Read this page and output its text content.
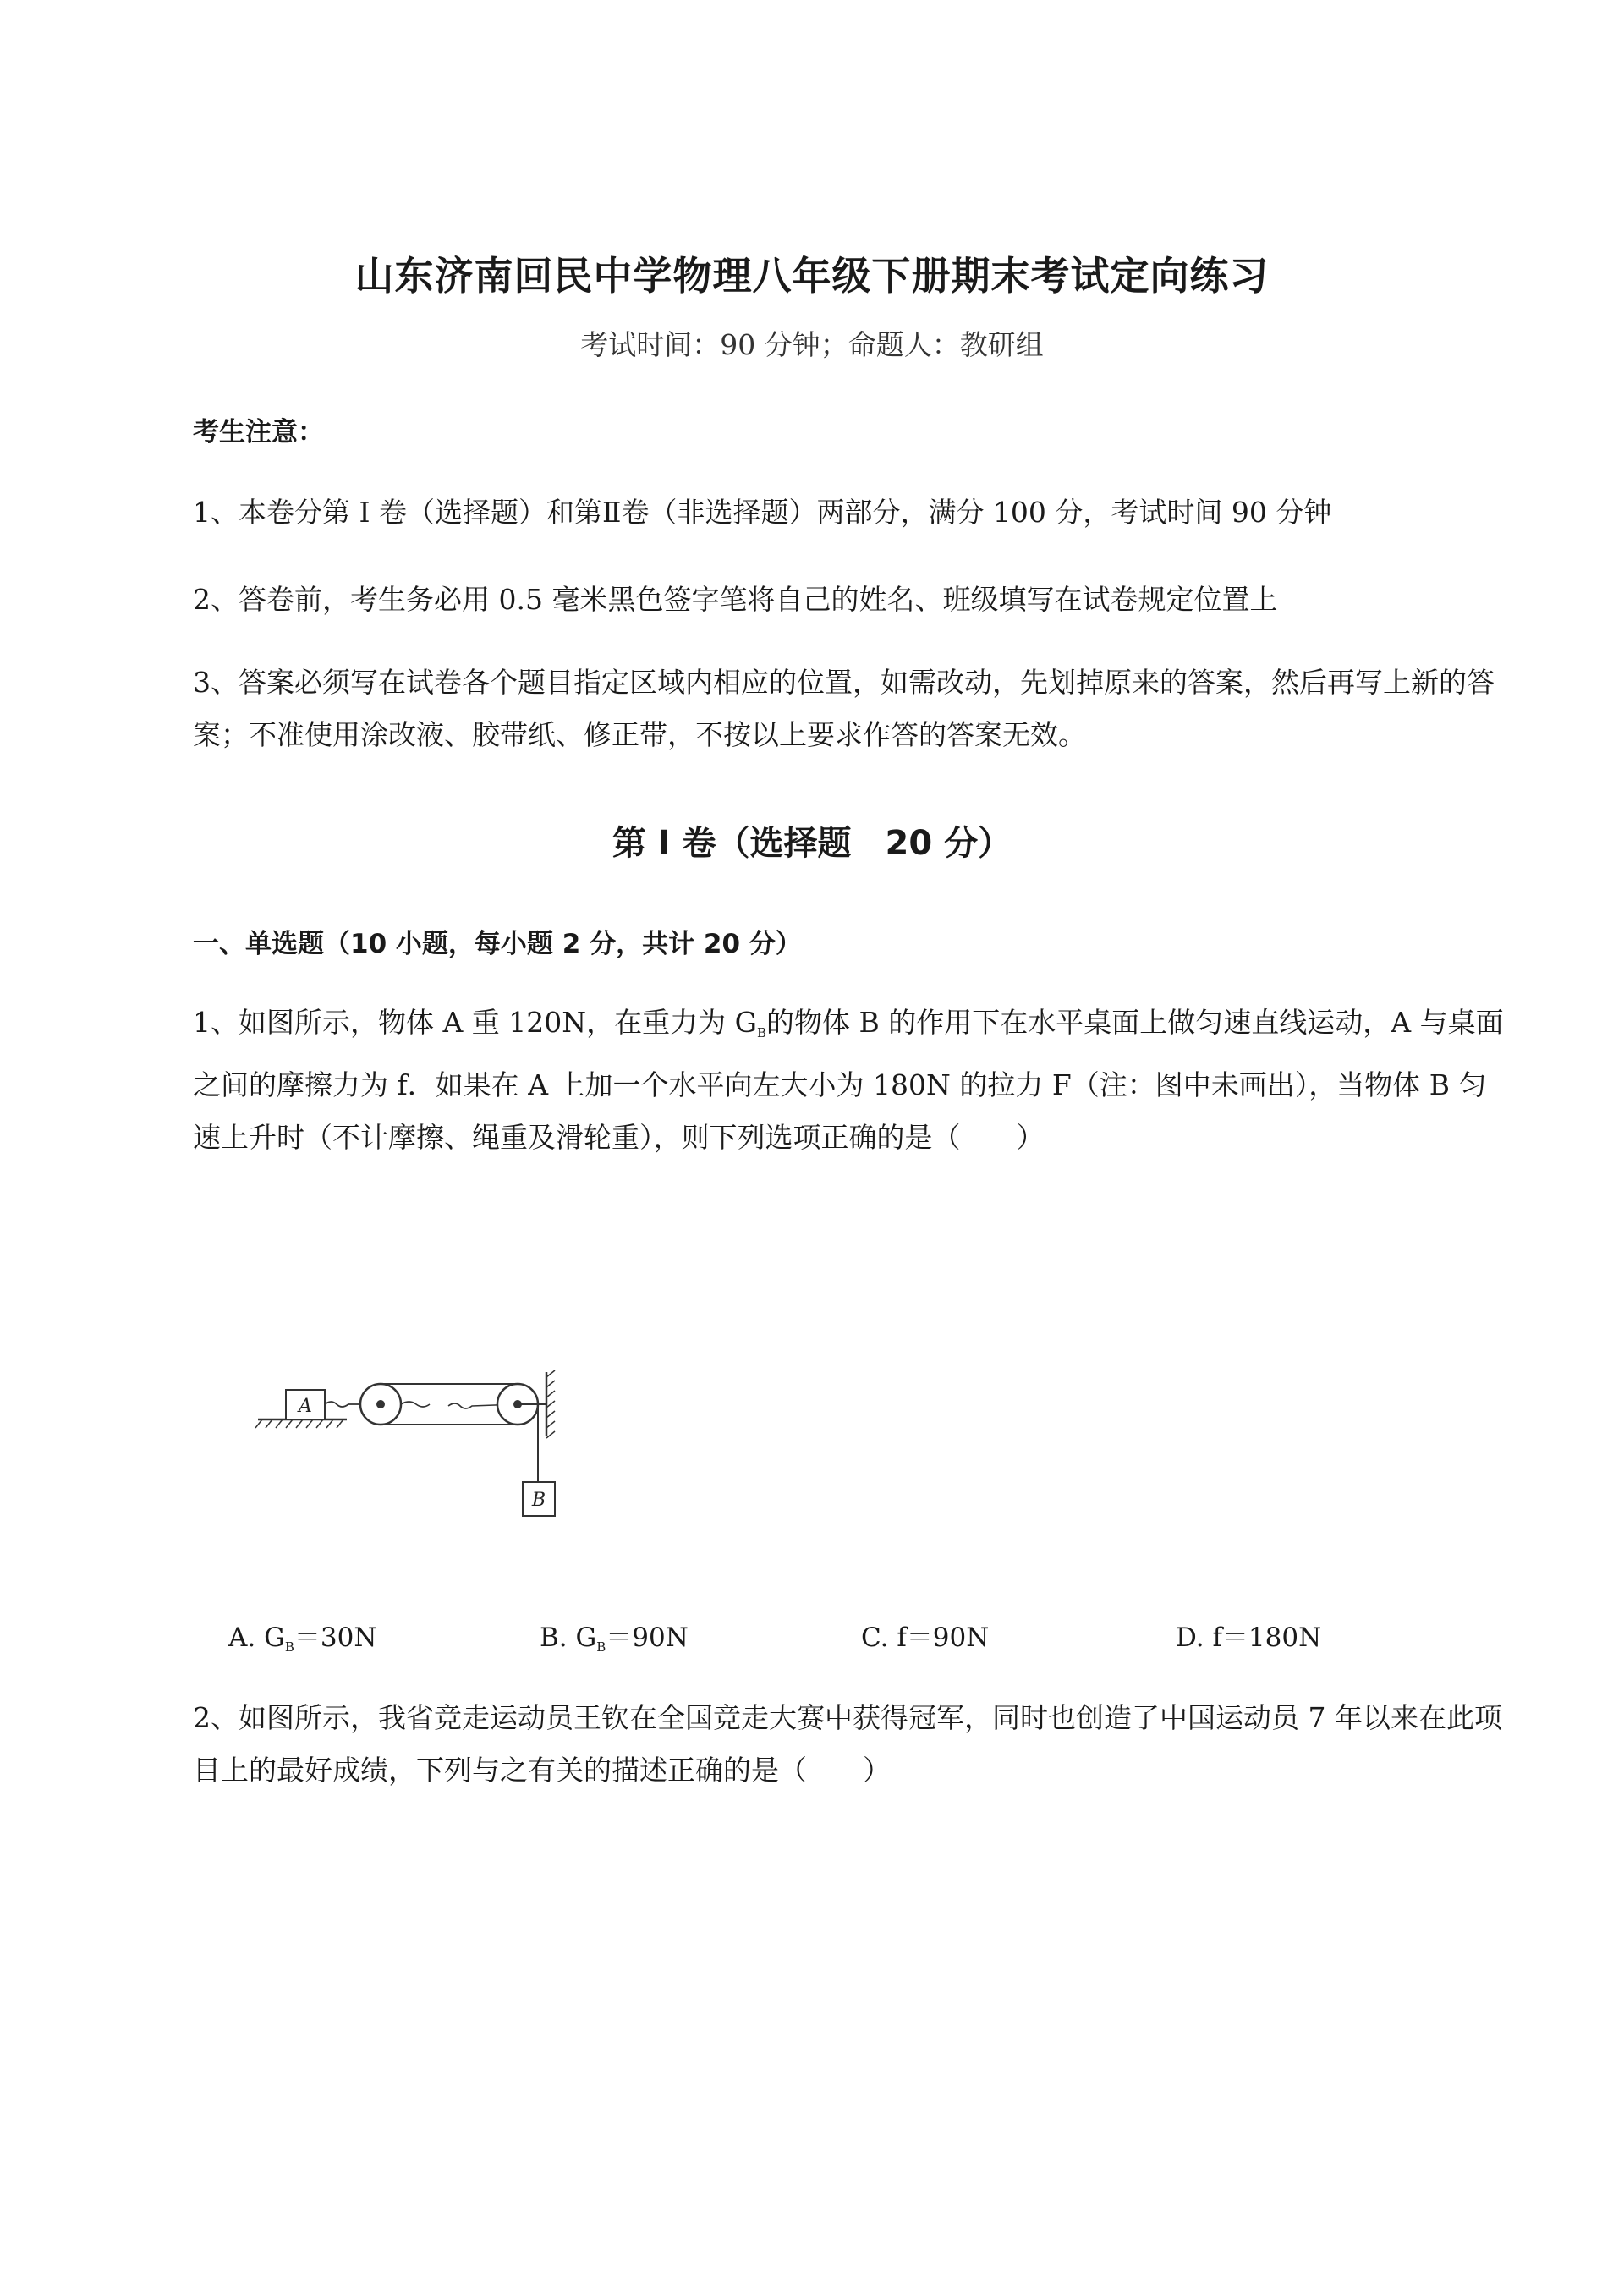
山东济南回民中学物理八年级下册期末考试定向练习
考试时间：90 分钟；命题人：教研组
考生注意：
1、本卷分第 I 卷（选择题）和第Ⅱ卷（非选择题）两部分，满分 100 分，考试时间 90 分钟
2、答卷前，考生务必用 0.5 毫米黑色签字笔将自己的姓名、班级填写在试卷规定位置上
3、答案必须写在试卷各个题目指定区域内相应的位置，如需改动，先划掉原来的答案，然后再写上新的答案；不准使用涂改液、胶带纸、修正带，不按以上要求作答的答案无效。
第 I 卷（选择题　20 分）
一、单选题（10 小题，每小题 2 分，共计 20 分）
1、如图所示，物体 A 重 120N，在重力为 $G_B$的物体 B 的作用下在水平桌面上做匀速直线运动，A 与桌面之间的摩擦力为 f．如果在 A 上加一个水平向左大小为 180N 的拉力 F（注：图中未画出），当物体 B 匀速上升时（不计摩擦、绳重及滑轮重），则下列选项正确的是（　　）
A
B
A. $G_B=30N$	B. $G_B=90N$	C. f＝90N	D. f＝180N
2、如图所示，我省竞走运动员王钦在全国竞走大赛中获得冠军，同时也创造了中国运动员 7 年以来在此项目上的最好成绩，下列与之有关的描述正确的是（　　）
